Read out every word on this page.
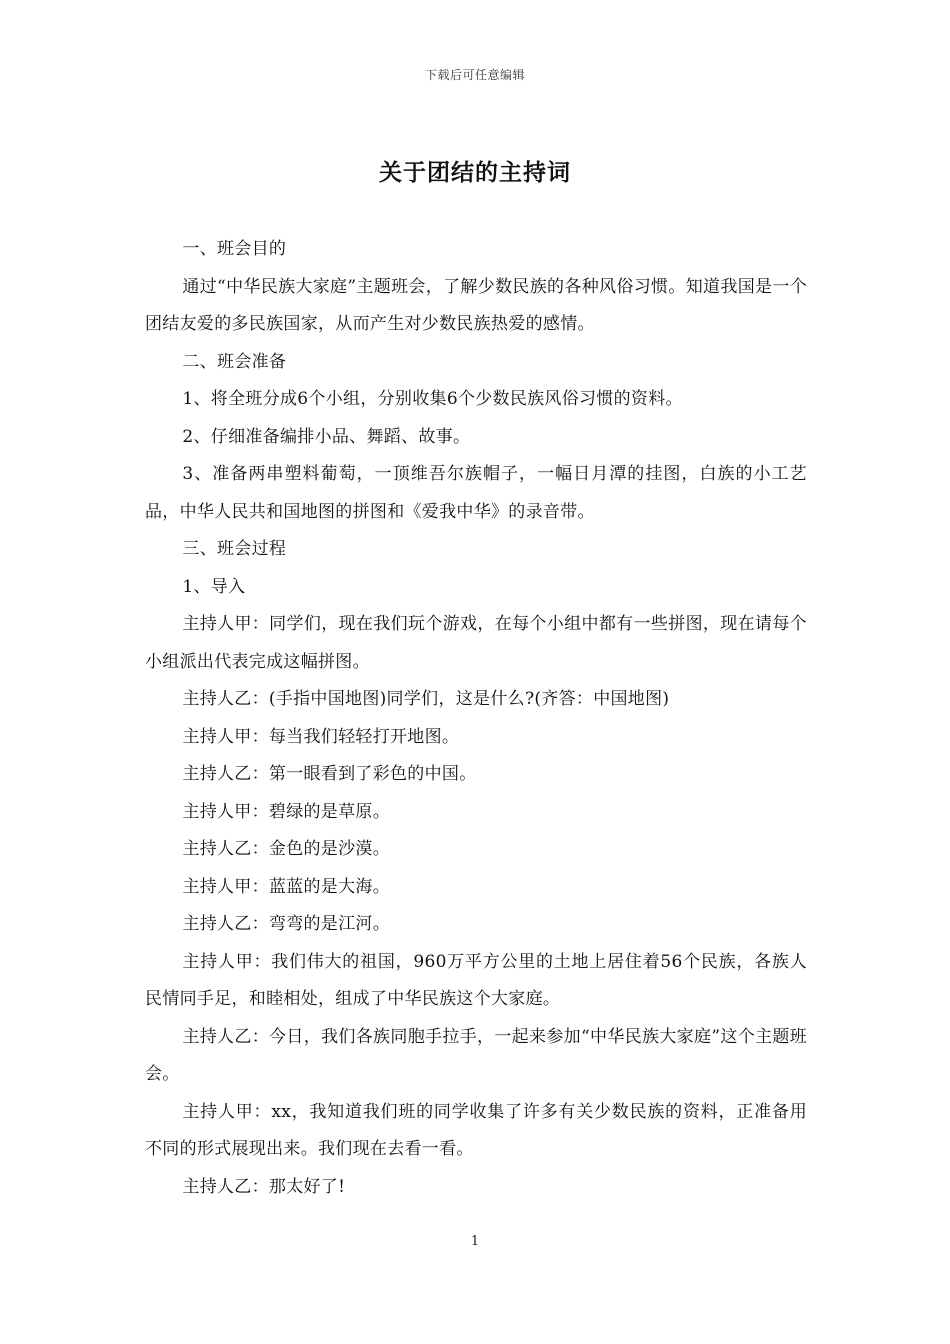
下载后可任意编辑
关于团结的主持词

一、班会目的

通过“中华民族大家庭”主题班会，了解少数民族的各种风俗习惯。知道我国是一个团结友爱的多民族国家，从而产生对少数民族热爱的感情。

二、班会准备

1、将全班分成6个小组，分别收集6个少数民族风俗习惯的资料。

2、仔细准备编排小品、舞蹈、故事。

3、准备两串塑料葡萄，一顶维吾尔族帽子，一幅日月潭的挂图，白族的小工艺品，中华人民共和国地图的拼图和《爱我中华》的录音带。

三、班会过程

1、导入

主持人甲：同学们，现在我们玩个游戏，在每个小组中都有一些拼图，现在请每个小组派出代表完成这幅拼图。

主持人乙：(手指中国地图)同学们，这是什么?(齐答：中国地图)

主持人甲：每当我们轻轻打开地图。

主持人乙：第一眼看到了彩色的中国。

主持人甲：碧绿的是草原。

主持人乙：金色的是沙漠。

主持人甲：蓝蓝的是大海。

主持人乙：弯弯的是江河。

主持人甲：我们伟大的祖国，960万平方公里的土地上居住着56个民族，各族人民情同手足，和睦相处，组成了中华民族这个大家庭。

主持人乙：今日，我们各族同胞手拉手，一起来参加“中华民族大家庭”这个主题班会。

主持人甲：xx，我知道我们班的同学收集了许多有关少数民族的资料，正准备用不同的形式展现出来。我们现在去看一看。

主持人乙：那太好了!

1
